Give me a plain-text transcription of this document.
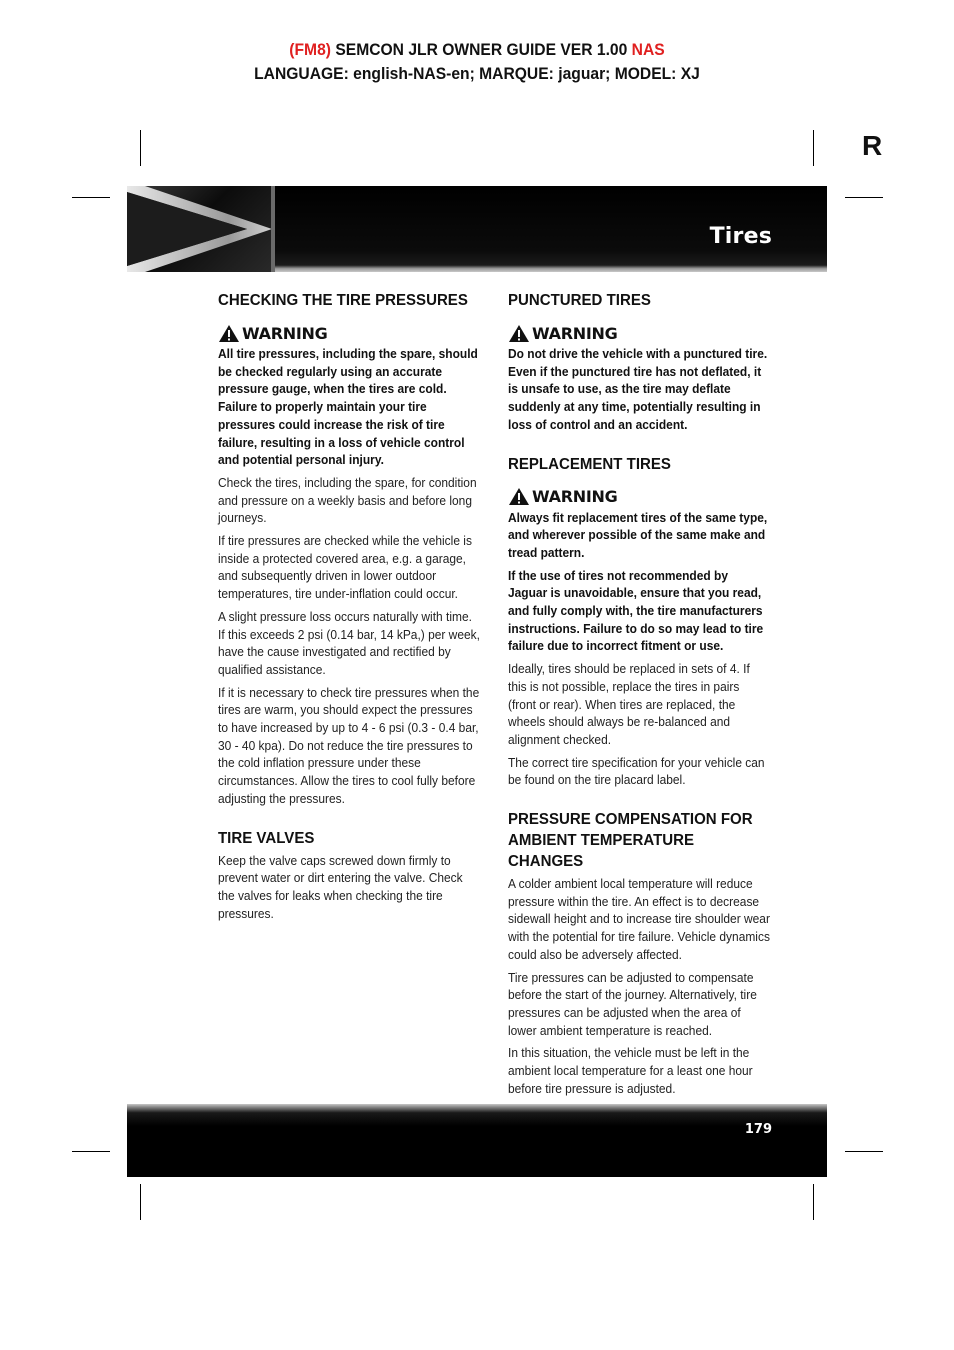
(FM8) SEMCON JLR OWNER GUIDE VER 1.00 NAS
LANGUAGE: english-NAS-en; MARQUE: jaguar; MODEL: XJ
R
Tires
CHECKING THE TIRE PRESSURES
WARNING

All tire pressures, including the spare, should be checked regularly using an accurate pressure gauge, when the tires are cold. Failure to properly maintain your tire pressures could increase the risk of tire failure, resulting in a loss of vehicle control and potential personal injury.

Check the tires, including the spare, for condition and pressure on a weekly basis and before long journeys.

If tire pressures are checked while the vehicle is inside a protected covered area, e.g. a garage, and subsequently driven in lower outdoor temperatures, tire under-inflation could occur.

A slight pressure loss occurs naturally with time. If this exceeds 2 psi (0.14 bar, 14 kPa,) per week, have the cause investigated and rectified by qualified assistance.

If it is necessary to check tire pressures when the tires are warm, you should expect the pressures to have increased by up to 4 - 6 psi (0.3 - 0.4 bar, 30 - 40 kpa). Do not reduce the tire pressures to the cold inflation pressure under these circumstances. Allow the tires to cool fully before adjusting the pressures.

TIRE VALVES

Keep the valve caps screwed down firmly to prevent water or dirt entering the valve. Check the valves for leaks when checking the tire pressures.

PUNCTURED TIRES
WARNING

Do not drive the vehicle with a punctured tire. Even if the punctured tire has not deflated, it is unsafe to use, as the tire may deflate suddenly at any time, potentially resulting in loss of control and an accident.

REPLACEMENT TIRES
WARNING

Always fit replacement tires of the same type, and wherever possible of the same make and tread pattern.

If the use of tires not recommended by Jaguar is unavoidable, ensure that you read, and fully comply with, the tire manufacturers instructions. Failure to do so may lead to tire failure due to incorrect fitment or use.

Ideally, tires should be replaced in sets of 4. If this is not possible, replace the tires in pairs (front or rear). When tires are replaced, the wheels should always be re-balanced and alignment checked.

The correct tire specification for your vehicle can be found on the tire placard label.

PRESSURE COMPENSATION FOR AMBIENT TEMPERATURE CHANGES

A colder ambient local temperature will reduce pressure within the tire. An effect is to decrease sidewall height and to increase tire shoulder wear with the potential for tire failure. Vehicle dynamics could also be adversely affected.

Tire pressures can be adjusted to compensate before the start of the journey. Alternatively, tire pressures can be adjusted when the area of lower ambient temperature is reached.

In this situation, the vehicle must be left in the ambient local temperature for a least one hour before tire pressure is adjusted.

179
